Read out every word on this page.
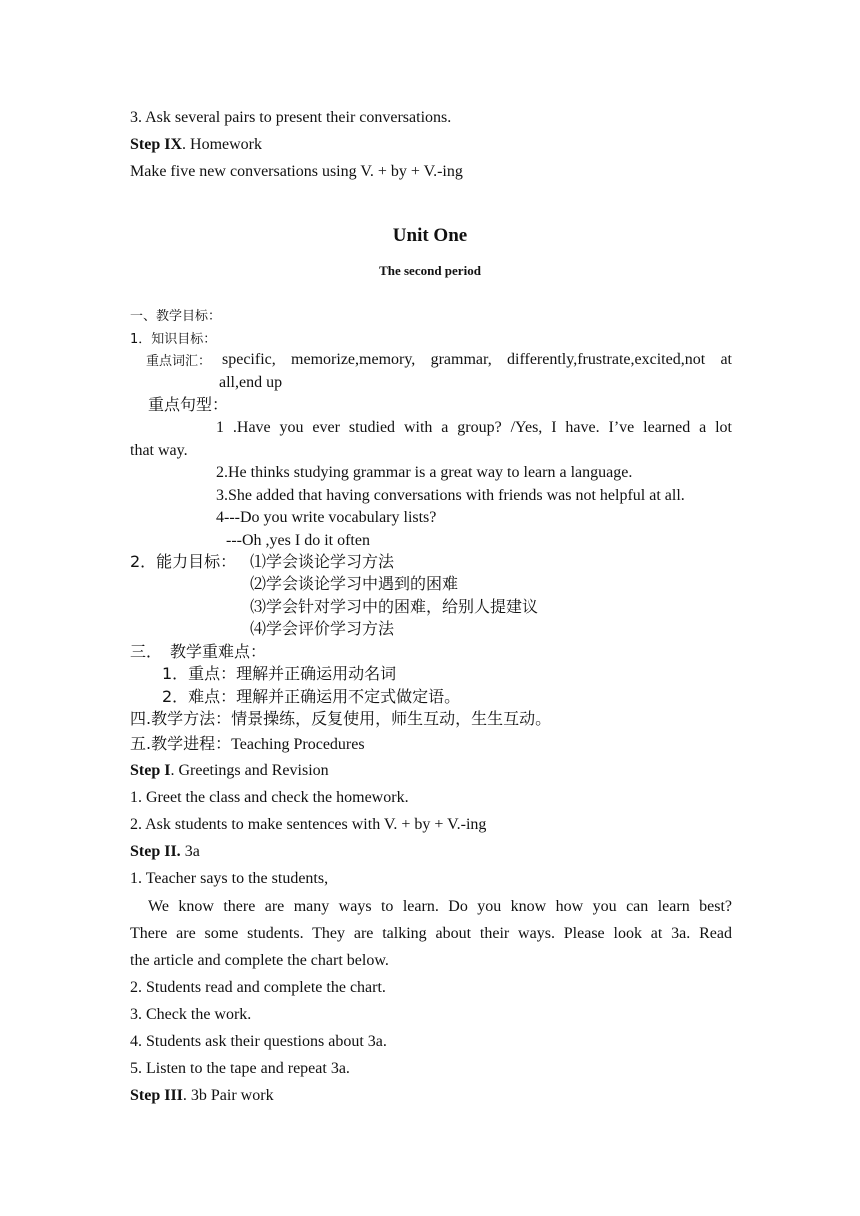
3. Ask several pairs to present their conversations.
Step IX. Homework
Make five new conversations using V. + by + V.-ing
Unit One
The second period
一、教学目标：
1．知识目标：
重点词汇： specific, memorize,memory, grammar, differently,frustrate,excited,not at
all,end up
重点句型：
1 .Have you ever studied with a group? /Yes, I have. I’ve learned a lot
that way.
2.He thinks studying grammar is a great way to learn a language.
3.She added that having conversations with friends was not helpful at all.
4---Do you write vocabulary lists?
---Oh ,yes I do it often
2．能力目标： ⑴学会谈论学习方法
⑵学会谈论学习中遇到的困难
⑶学会针对学习中的困难，给别人提建议
⑷学会评价学习方法
三．　教学重难点：
1．重点：理解并正确运用动名词
2．难点：理解并正确运用不定式做定语。
四.教学方法：情景操练，反复使用，师生互动，生生互动。
五.教学进程：Teaching Procedures
Step I. Greetings and Revision
1. Greet the class and check the homework.
2. Ask students to make sentences with V. + by + V.-ing
Step II. 3a
1. Teacher says to the students,
We know there are many ways to learn. Do you know how you can learn best?
There are some students. They are talking about their ways. Please look at 3a. Read
the article and complete the chart below.
2. Students read and complete the chart.
3. Check the work.
4. Students ask their questions about 3a.
5. Listen to the tape and repeat 3a.
Step III. 3b Pair work
